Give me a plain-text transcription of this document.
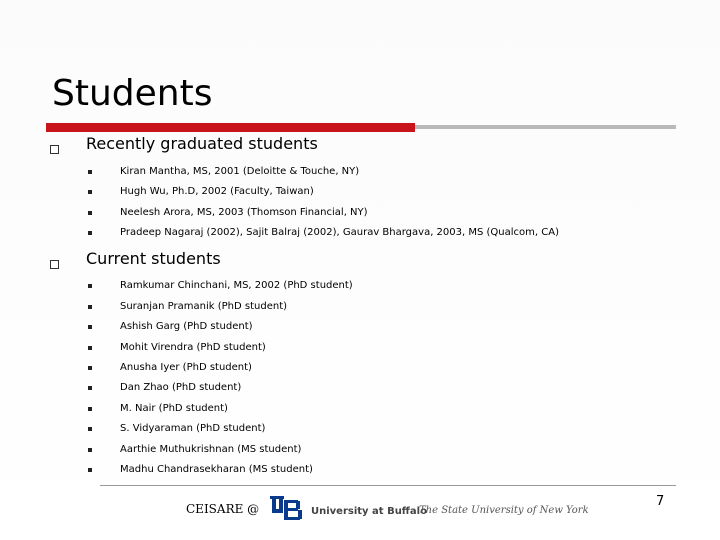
Students
Recently graduated students
Kiran Mantha, MS, 2001 (Deloitte & Touche, NY)
Hugh Wu, Ph.D, 2002 (Faculty, Taiwan)
Neelesh Arora, MS, 2003 (Thomson Financial, NY)
Pradeep Nagaraj (2002), Sajit Balraj (2002), Gaurav Bhargava, 2003, MS (Qualcom, CA)
Current students
Ramkumar Chinchani, MS, 2002 (PhD student)
Suranjan Pramanik (PhD student)
Ashish Garg (PhD student)
Mohit Virendra (PhD student)
Anusha Iyer (PhD student)
Dan Zhao (PhD student)
M. Nair (PhD student)
S. Vidyaraman (PhD student)
Aarthie Muthukrishnan (MS student)
Madhu Chandrasekharan (MS student)
CEISARE @	University at Buffalo
The State University of New York
7
